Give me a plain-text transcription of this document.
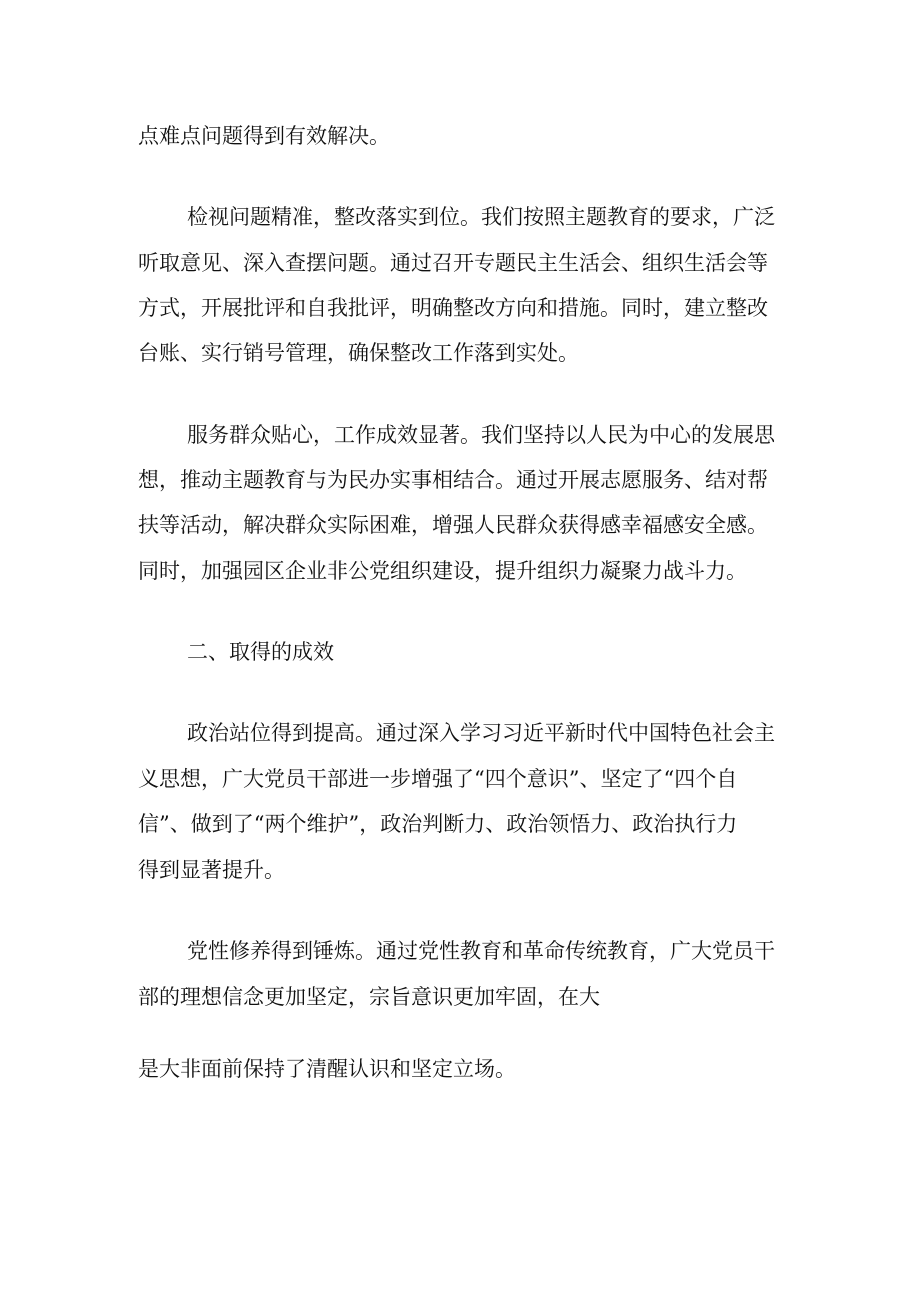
点难点问题得到有效解决。

检视问题精准，整改落实到位。我们按照主题教育的要求，广泛

听取意见、深入查摆问题。通过召开专题民主生活会、组织生活会等

方式，开展批评和自我批评，明确整改方向和措施。同时，建立整改

台账、实行销号管理，确保整改工作落到实处。

服务群众贴心，工作成效显著。我们坚持以人民为中心的发展思

想，推动主题教育与为民办实事相结合。通过开展志愿服务、结对帮

扶等活动，解决群众实际困难，增强人民群众获得感幸福感安全感。

同时，加强园区企业非公党组织建设，提升组织力凝聚力战斗力。

二、取得的成效

政治站位得到提高。通过深入学习习近平新时代中国特色社会主

义思想，广大党员干部进一步增强了“四个意识”、坚定了“四个自

信”、做到了“两个维护”，政治判断力、政治领悟力、政治执行力

得到显著提升。

党性修养得到锤炼。通过党性教育和革命传统教育，广大党员干

部的理想信念更加坚定，宗旨意识更加牢固，在大

是大非面前保持了清醒认识和坚定立场。
